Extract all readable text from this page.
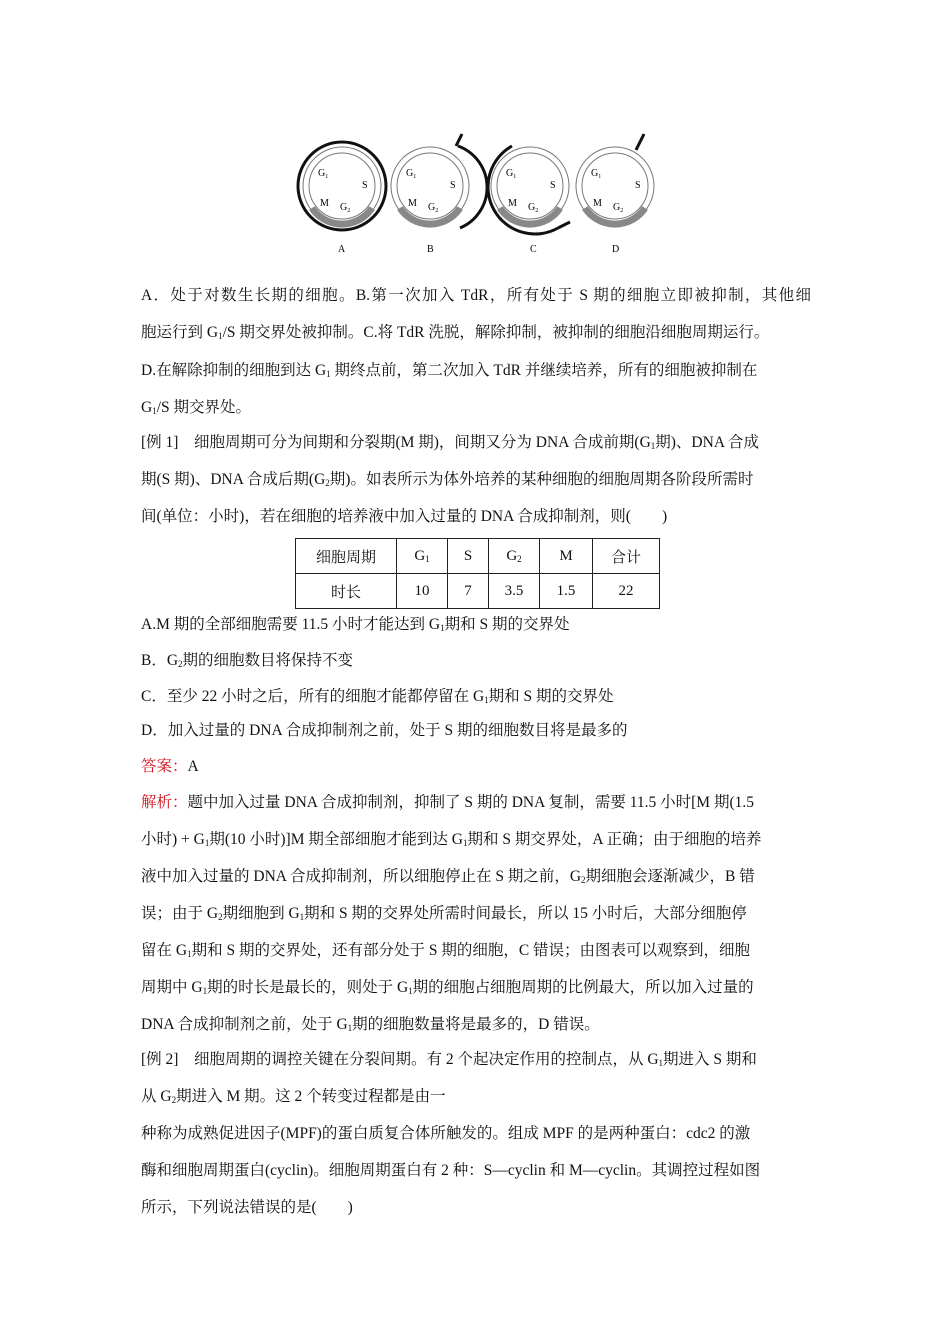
$G_1$
S
M $G_2$
A
$G_1$
S
M $G_2$
B
$G_1$
S
M $G_2$
C
$G_1$
S
M $G_2$
D
A．处于对数生长期的细胞。B.第一次加入 TdR，所有处于 S 期的细胞立即被抑制，其他细
胞运行到 $G_1/S$ 期交界处被抑制。C.将 TdR 洗脱，解除抑制，被抑制的细胞沿细胞周期运行。
D.在解除抑制的细胞到达 $G_1$ 期终点前，第二次加入 TdR 并继续培养，所有的细胞被抑制在
$G_1/S$ 期交界处。
[例 1]　细胞周期可分为间期和分裂期(M 期)，间期又分为 DNA 合成前期($G_1$期)、DNA 合成
期(S 期)、DNA 合成后期($G_2$期)。如表所示为体外培养的某种细胞的细胞周期各阶段所需时
间(单位：小时)，若在细胞的培养液中加入过量的 DNA 合成抑制剂，则(　　)
细胞周期	$G_1$	S	$G_2$	M	合计
时长	10	7	3.5	1.5	22
A.M 期的全部细胞需要 11.5 小时才能达到 $G_1$期和 S 期的交界处
B．$G_2$期的细胞数目将保持不变
C．至少 22 小时之后，所有的细胞才能都停留在 $G_1$期和 S 期的交界处
D．加入过量的 DNA 合成抑制剂之前，处于 S 期的细胞数目将是最多的
答案：A
解析：题中加入过量 DNA 合成抑制剂，抑制了 S 期的 DNA 复制，需要 11.5 小时[M 期(1.5
小时) + $G_1$期(10 小时)]M 期全部细胞才能到达 $G_1$期和 S 期交界处，A 正确；由于细胞的培养
液中加入过量的 DNA 合成抑制剂，所以细胞停止在 S 期之前，$G_2$期细胞会逐渐减少，B 错
误；由于 $G_2$期细胞到 $G_1$期和 S 期的交界处所需时间最长，所以 15 小时后，大部分细胞停
留在 $G_1$期和 S 期的交界处，还有部分处于 S 期的细胞，C 错误；由图表可以观察到，细胞
周期中 $G_1$期的时长是最长的，则处于 $G_1$期的细胞占细胞周期的比例最大，所以加入过量的
DNA 合成抑制剂之前，处于 $G_1$期的细胞数量将是最多的，D 错误。
[例 2]　细胞周期的调控关键在分裂间期。有 2 个起决定作用的控制点，从 $G_1$期进入 S 期和
从 $G_2$期进入 M 期。这 2 个转变过程都是由一
种称为成熟促进因子(MPF)的蛋白质复合体所触发的。组成 MPF 的是两种蛋白：cdc2 的激
酶和细胞周期蛋白(cyclin)。细胞周期蛋白有 2 种：S—cyclin 和 M—cyclin。其调控过程如图
所示，下列说法错误的是(　　)
